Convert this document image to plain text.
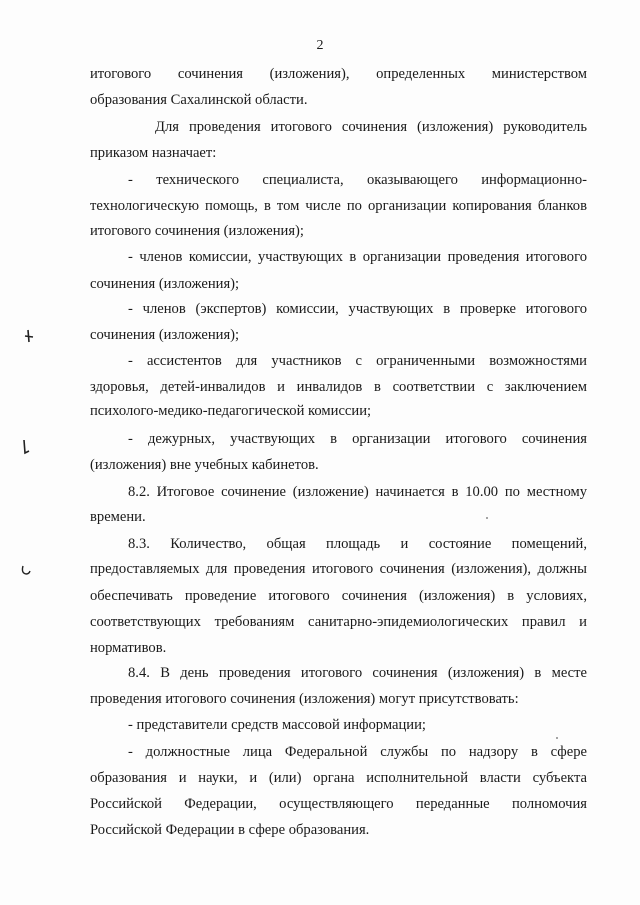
2
итогового сочинения (изложения), определенных министерством
образования Сахалинской области.
Для проведения итогового сочинения (изложения) руководитель
приказом назначает:
- технического специалиста, оказывающего информационно-
технологическую помощь, в том числе по организации копирования бланков
итогового сочинения (изложения);
- членов комиссии, участвующих в организации проведения итогового
сочинения (изложения);
- членов (экспертов) комиссии, участвующих в проверке итогового
сочинения (изложения);
- ассистентов для участников с ограниченными возможностями
здоровья, детей-инвалидов и инвалидов в соответствии с заключением
психолого-медико-педагогической комиссии;
- дежурных, участвующих в организации итогового сочинения
(изложения) вне учебных кабинетов.
8.2. Итоговое сочинение (изложение) начинается в 10.00 по местному
времени.
8.3. Количество, общая площадь и состояние помещений,
предоставляемых для проведения итогового сочинения (изложения), должны
обеспечивать проведение итогового сочинения (изложения) в условиях,
соответствующих требованиям санитарно-эпидемиологических правил и
нормативов.
8.4. В день проведения итогового сочинения (изложения) в месте
проведения итогового сочинения (изложения) могут присутствовать:
- представители средств массовой информации;
- должностные лица Федеральной службы по надзору в сфере
образования и науки, и (или) органа исполнительной власти субъекта
Российской Федерации, осуществляющего переданные полномочия
Российской Федерации в сфере образования.
